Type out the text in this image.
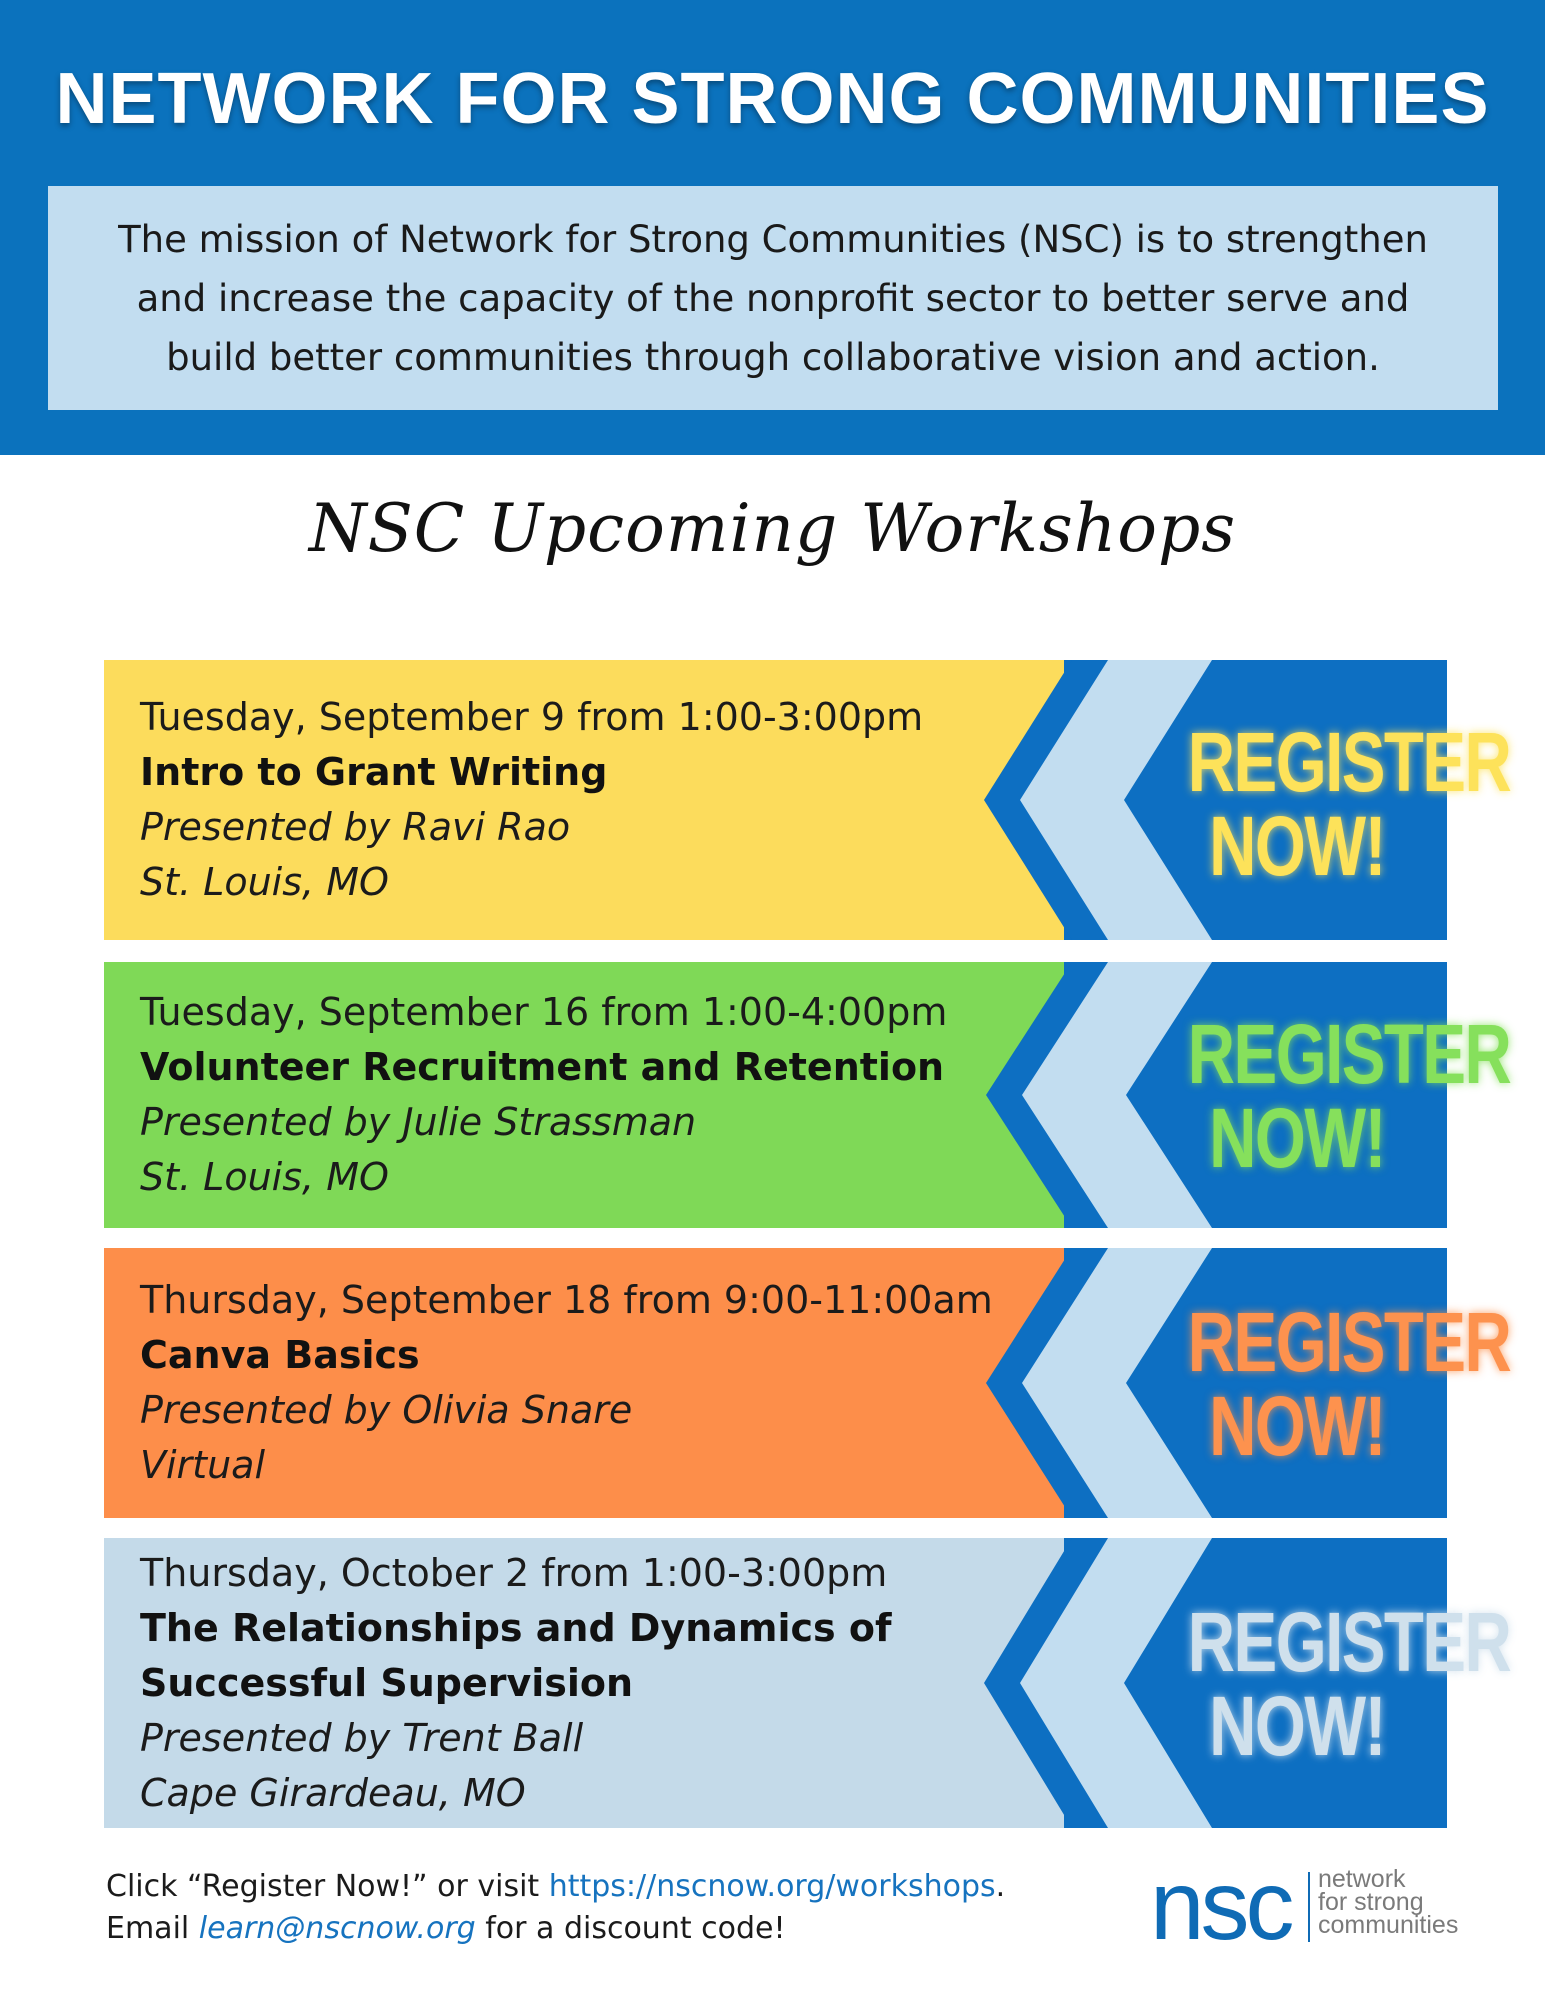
NETWORK FOR STRONG COMMUNITIES
The mission of Network for Strong Communities (NSC) is to strengthen and increase the capacity of the nonprofit sector to better serve and build better communities through collaborative vision and action.
NSC Upcoming Workshops
Tuesday, September 9 from 1:00-3:00pm
Intro to Grant Writing
Presented by Ravi Rao
St. Louis, MO
REGISTER NOW!
Tuesday, September 16 from 1:00-4:00pm
Volunteer Recruitment and Retention
Presented by Julie Strassman
St. Louis, MO
REGISTER NOW!
Thursday, September 18 from 9:00-11:00am
Canva Basics
Presented by Olivia Snare
Virtual
REGISTER NOW!
Thursday, October 2 from 1:00-3:00pm
The Relationships and Dynamics of Successful Supervision
Presented by Trent Ball
Cape Girardeau, MO
REGISTER NOW!
Click “Register Now!” or visit https://nscnow.org/workshops.
Email learn@nscnow.org for a discount code!	nsc network
for strong
communities
